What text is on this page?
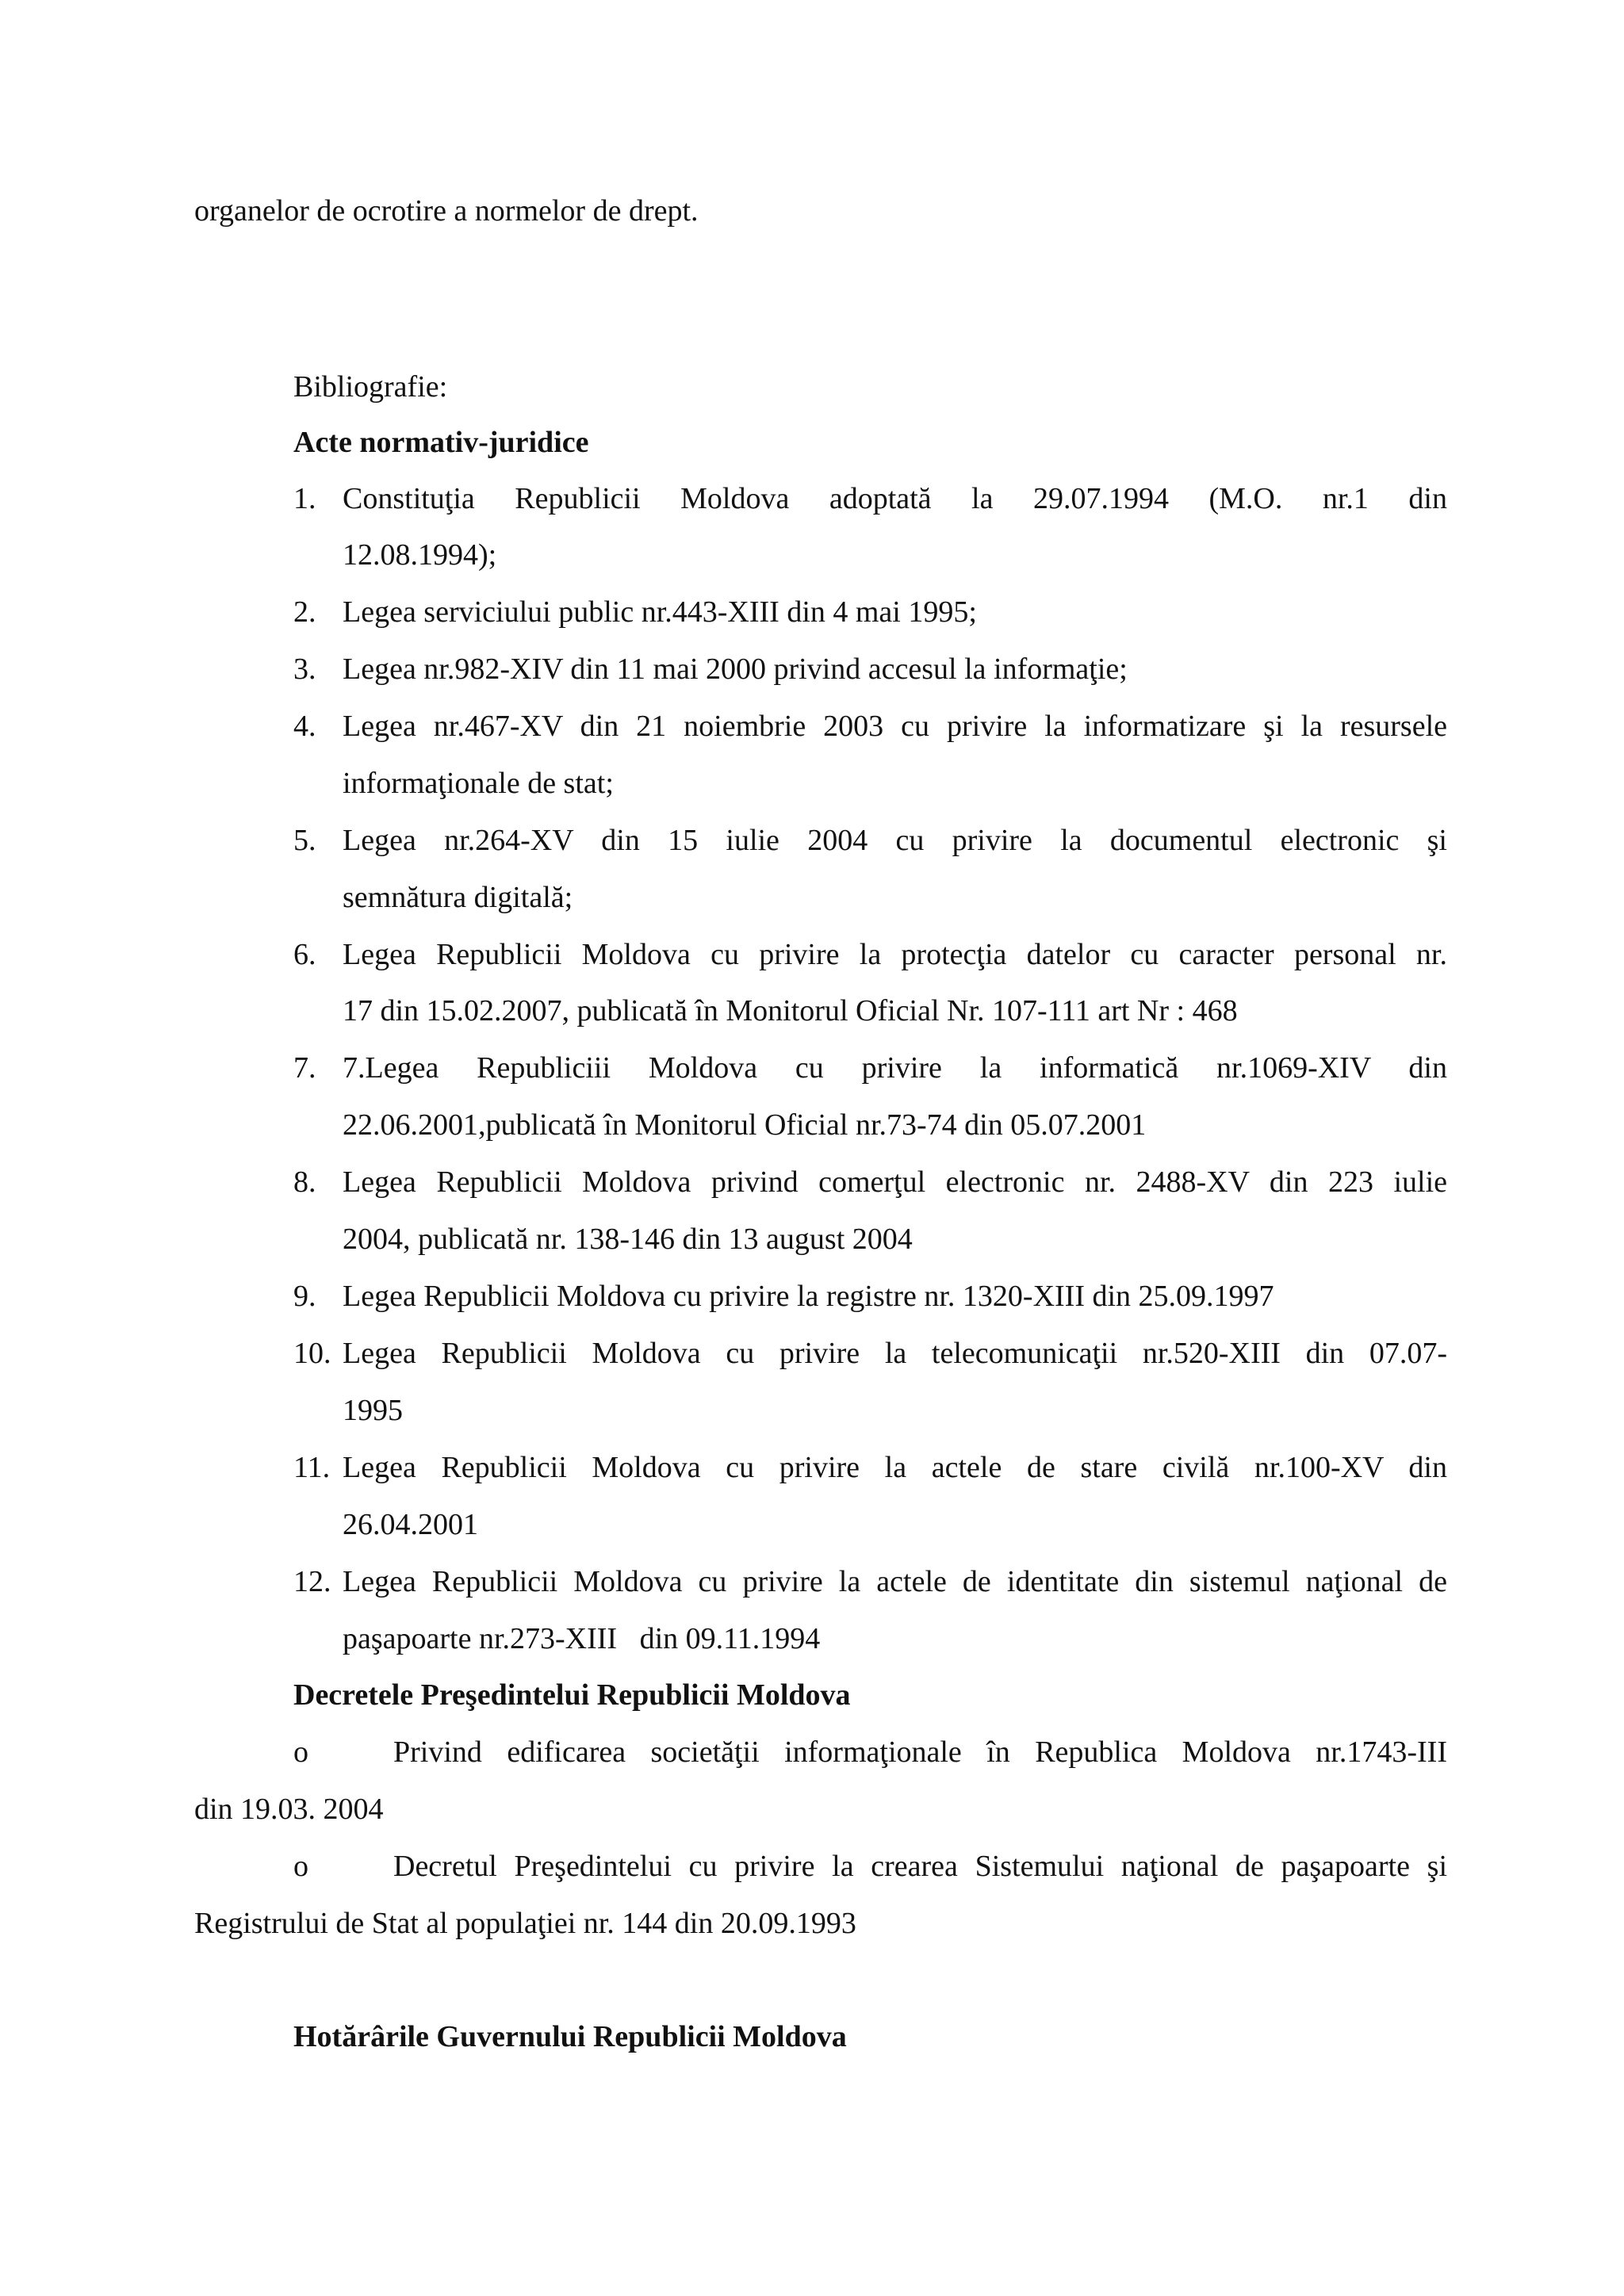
organelor de ocrotire a normelor de drept.
Bibliografie:
Acte normativ-juridice
1. Constituţia Republicii Moldova adoptată la 29.07.1994 (M.O. nr.1 din
12.08.1994);
2. Legea serviciului public nr.443-XIII din 4 mai 1995;
3. Legea nr.982-XIV din 11 mai 2000 privind accesul la informaţie;
4. Legea nr.467-XV din 21 noiembrie 2003 cu privire la informatizare şi la resursele
informaţionale de stat;
5. Legea nr.264-XV din 15 iulie 2004 cu privire la documentul electronic şi
semnătura digitală;
6. Legea Republicii Moldova cu privire la protecţia datelor cu caracter personal nr.
17 din 15.02.2007, publicată în Monitorul Oficial Nr. 107-111 art Nr : 468
7. 7.Legea Republiciii Moldova cu privire la informatică nr.1069-XIV din
22.06.2001,publicată în Monitorul Oficial nr.73-74 din 05.07.2001
8. Legea Republicii Moldova privind comerţul electronic nr. 2488-XV din 223 iulie
2004, publicată nr. 138-146 din 13 august 2004
9. Legea Republicii Moldova cu privire la registre nr. 1320-XIII din 25.09.1997
10. Legea Republicii Moldova cu privire la telecomunicaţii nr.520-XIII din 07.07-
1995
11. Legea Republicii Moldova cu privire la actele de stare civilă nr.100-XV din
26.04.2001
12. Legea Republicii Moldova cu privire la actele de identitate din sistemul naţional de
paşapoarte nr.273-XIII   din 09.11.1994
Decretele Preşedintelui Republicii Moldova
o	Privind edificarea societăţii informaţionale în Republica Moldova nr.1743-III
din 19.03. 2004
o	Decretul Preşedintelui cu privire la crearea Sistemului naţional de paşapoarte şi
Registrului de Stat al populaţiei nr. 144 din 20.09.1993
Hotărârile Guvernului Republicii Moldova
